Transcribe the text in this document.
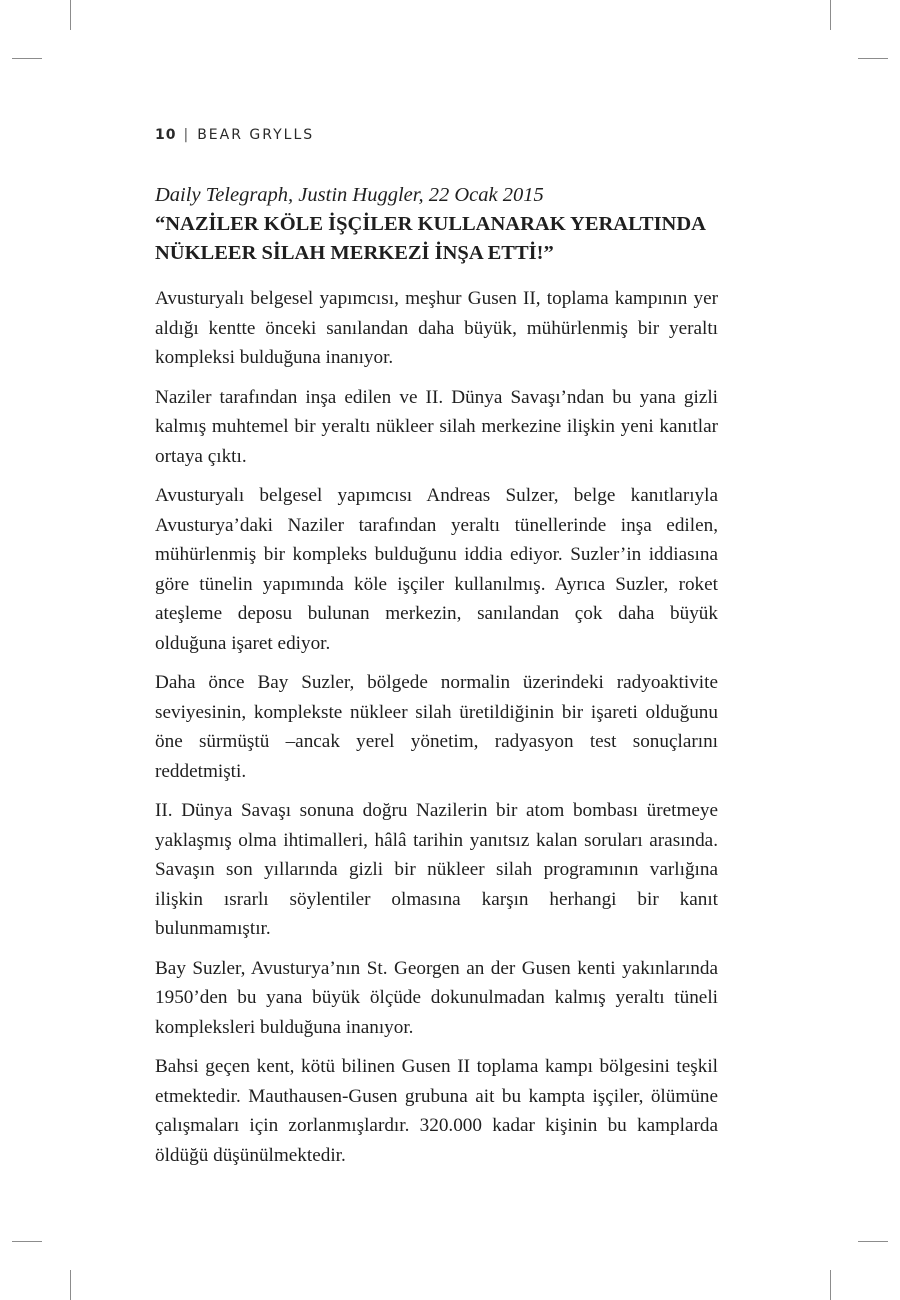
10 | BEAR GRYLLS

Daily Telegraph, Justin Huggler, 22 Ocak 2015

“NAZİLER KÖLE İŞÇİLER KULLANARAK YERALTINDA NÜKLEER SİLAH MERKEZİ İNŞA ETTİ!”

Avusturyalı belgesel yapımcısı, meşhur Gusen II, toplama kampının yer aldığı kentte önceki sanılandan daha büyük, mühürlenmiş bir yeraltı kompleksi bulduğuna inanıyor.

Naziler tarafından inşa edilen ve II. Dünya Savaşı’ndan bu yana gizli kalmış muhtemel bir yeraltı nükleer silah merkezine ilişkin yeni kanıtlar ortaya çıktı.

Avusturyalı belgesel yapımcısı Andreas Sulzer, belge kanıtlarıyla Avusturya’daki Naziler tarafından yeraltı tünellerinde inşa edilen, mühürlenmiş bir kompleks bulduğunu iddia ediyor. Suzler’in iddiasına göre tünelin yapımında köle işçiler kullanılmış. Ayrıca Suzler, roket ateşleme deposu bulunan merkezin, sanılandan çok daha büyük olduğuna işaret ediyor.

Daha önce Bay Suzler, bölgede normalin üzerindeki radyoaktivite seviyesinin, komplekste nükleer silah üretildiğinin bir işareti olduğunu öne sürmüştü –ancak yerel yönetim, radyasyon test sonuçlarını reddetmişti.

II. Dünya Savaşı sonuna doğru Nazilerin bir atom bombası üretmeye yaklaşmış olma ihtimalleri, hâlâ tarihin yanıtsız kalan soruları arasında. Savaşın son yıllarında gizli bir nükleer silah programının varlığına ilişkin ısrarlı söylentiler olmasına karşın herhangi bir kanıt bulunmamıştır.

Bay Suzler, Avusturya’nın St. Georgen an der Gusen kenti yakınlarında 1950’den bu yana büyük ölçüde dokunulmadan kalmış yeraltı tüneli kompleksleri bulduğuna inanıyor.

Bahsi geçen kent, kötü bilinen Gusen II toplama kampı bölgesini teşkil etmektedir. Mauthausen-Gusen grubuna ait bu kampta işçiler, ölümüne çalışmaları için zorlanmışlardır. 320.000 kadar kişinin bu kamplarda öldüğü düşünülmektedir.
